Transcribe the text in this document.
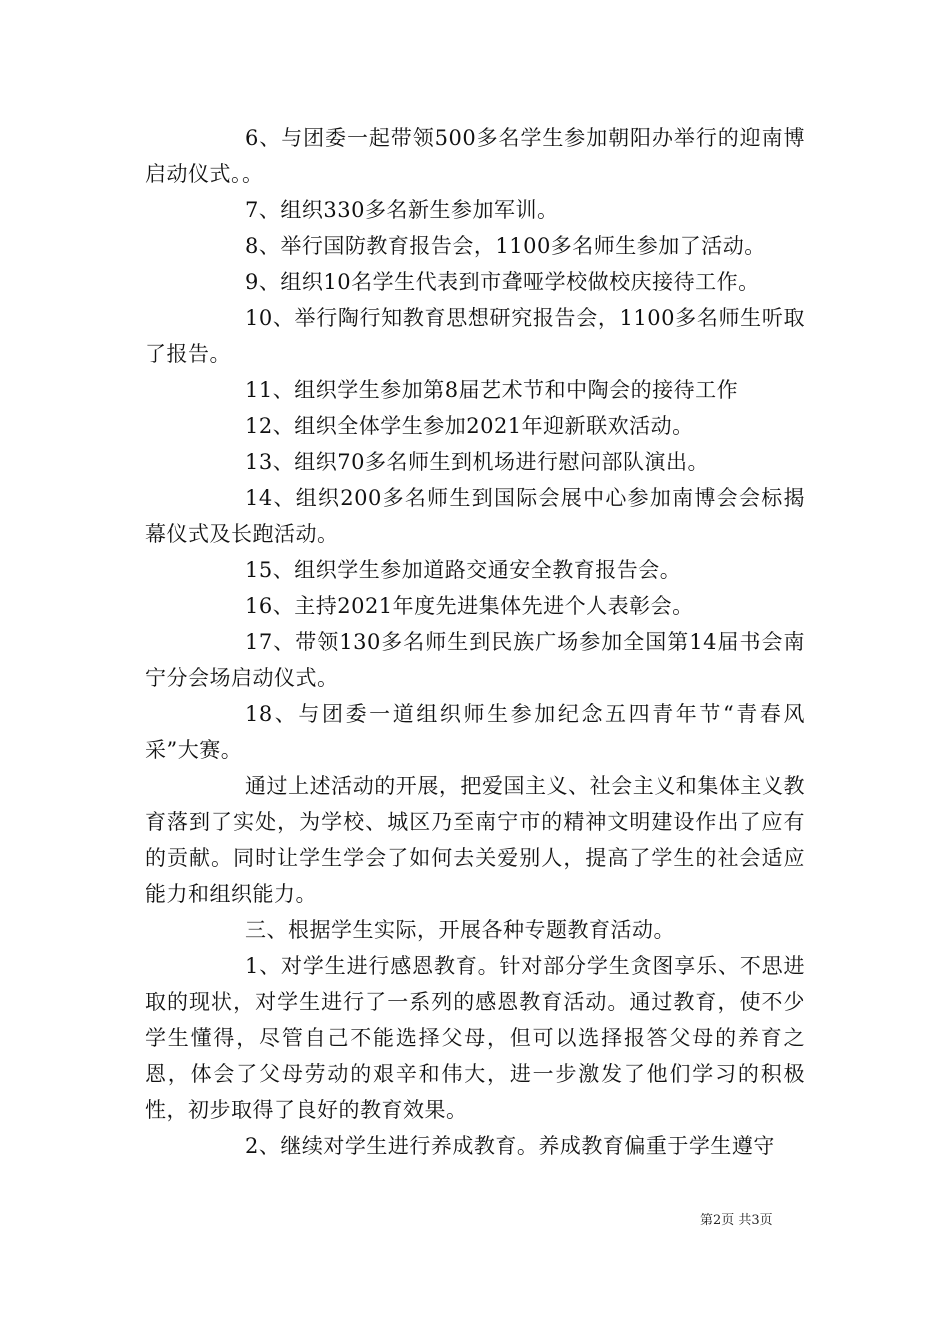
6、与团委一起带领500多名学生参加朝阳办举行的迎南博启动仪式。。

7、组织330多名新生参加军训。

8、举行国防教育报告会，1100多名师生参加了活动。

9、组织10名学生代表到市聋哑学校做校庆接待工作。

10、举行陶行知教育思想研究报告会，1100多名师生听取了报告。

11、组织学生参加第8届艺术节和中陶会的接待工作

12、组织全体学生参加2021年迎新联欢活动。

13、组织70多名师生到机场进行慰问部队演出。

14、组织200多名师生到国际会展中心参加南博会会标揭幕仪式及长跑活动。

15、组织学生参加道路交通安全教育报告会。

16、主持2021年度先进集体先进个人表彰会。

17、带领130多名师生到民族广场参加全国第14届书会南宁分会场启动仪式。

18、与团委一道组织师生参加纪念五四青年节“青春风采”大赛。

通过上述活动的开展，把爱国主义、社会主义和集体主义教育落到了实处，为学校、城区乃至南宁市的精神文明建设作出了应有的贡献。同时让学生学会了如何去关爱别人，提高了学生的社会适应能力和组织能力。

三、根据学生实际，开展各种专题教育活动。

1、对学生进行感恩教育。针对部分学生贪图享乐、不思进取的现状，对学生进行了一系列的感恩教育活动。通过教育，使不少学生懂得，尽管自己不能选择父母，但可以选择报答父母的养育之恩，体会了父母劳动的艰辛和伟大，进一步激发了他们学习的积极性，初步取得了良好的教育效果。

2、继续对学生进行养成教育。养成教育偏重于学生遵守

第2页 共3页
